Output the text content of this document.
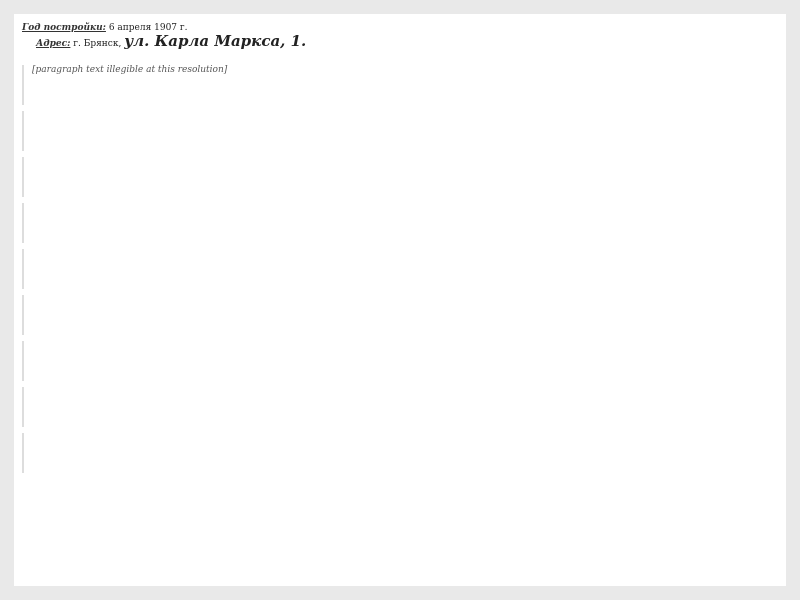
Год постройки: 6 апреля 1907 г.
Адрес: г. Брянск, ул. Карла Маркса, 1.
[paragraph text illegible at this resolution]
